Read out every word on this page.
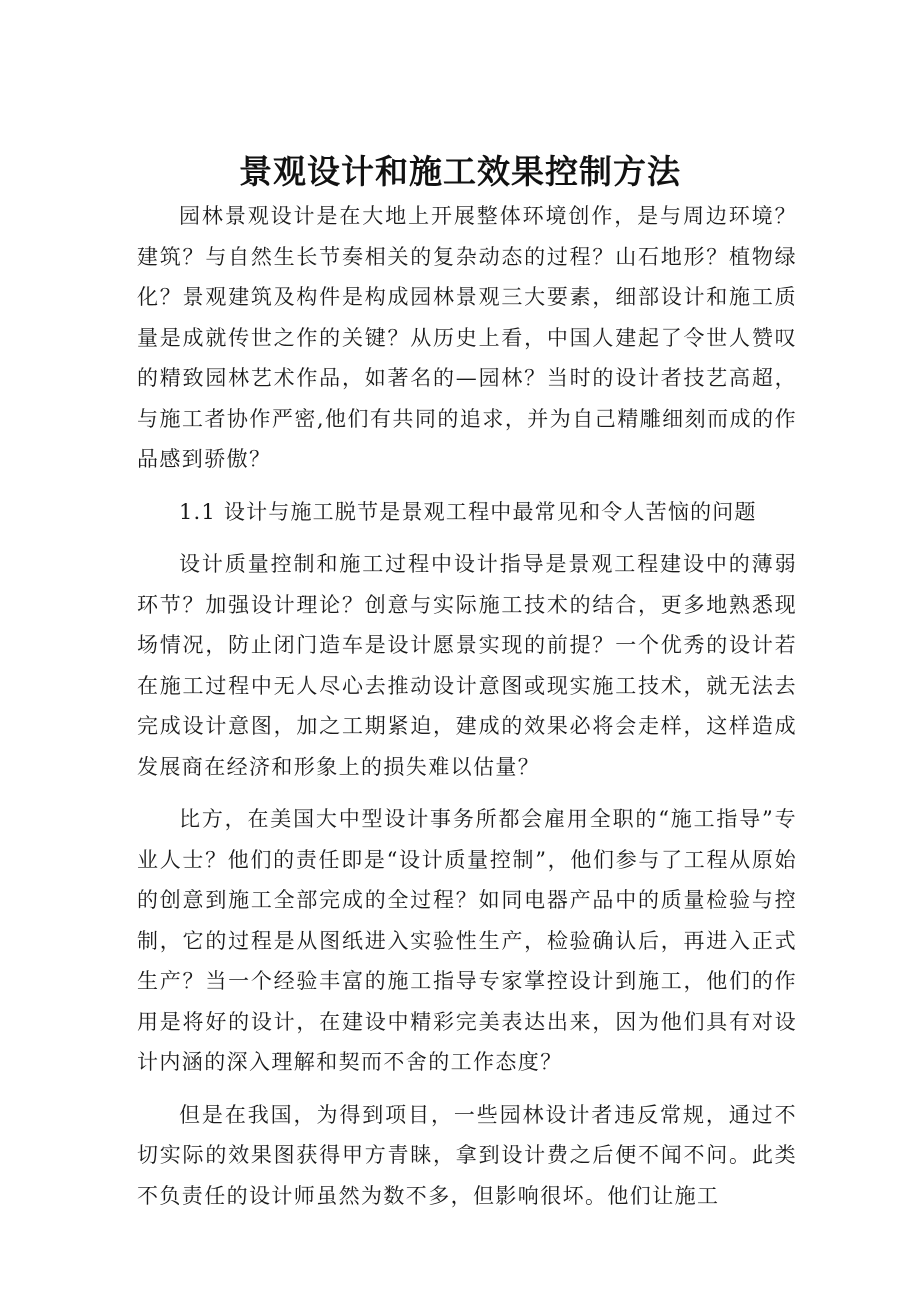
景观设计和施工效果控制方法

园林景观设计是在大地上开展整体环境创作，是与周边环境？建筑？与自然生长节奏相关的复杂动态的过程？山石地形？植物绿化？景观建筑及构件是构成园林景观三大要素，细部设计和施工质量是成就传世之作的关键？从历史上看，中国人建起了令世人赞叹的精致园林艺术作品，如著名的—园林？当时的设计者技艺高超，与施工者协作严密,他们有共同的追求，并为自己精雕细刻而成的作品感到骄傲？

1.1 设计与施工脱节是景观工程中最常见和令人苦恼的问题

设计质量控制和施工过程中设计指导是景观工程建设中的薄弱环节？加强设计理论？创意与实际施工技术的结合，更多地熟悉现场情况，防止闭门造车是设计愿景实现的前提？一个优秀的设计若在施工过程中无人尽心去推动设计意图或现实施工技术，就无法去完成设计意图，加之工期紧迫，建成的效果必将会走样，这样造成发展商在经济和形象上的损失难以估量？

比方，在美国大中型设计事务所都会雇用全职的“施工指导”专业人士？他们的责任即是“设计质量控制”，他们参与了工程从原始的创意到施工全部完成的全过程？如同电器产品中的质量检验与控制，它的过程是从图纸进入实验性生产，检验确认后，再进入正式生产？当一个经验丰富的施工指导专家掌控设计到施工，他们的作用是将好的设计，在建设中精彩完美表达出来，因为他们具有对设计内涵的深入理解和契而不舍的工作态度？

但是在我国，为得到项目，一些园林设计者违反常规，通过不切实际的效果图获得甲方青睐，拿到设计费之后便不闻不问。此类不负责任的设计师虽然为数不多，但影响很坏。他们让施工
